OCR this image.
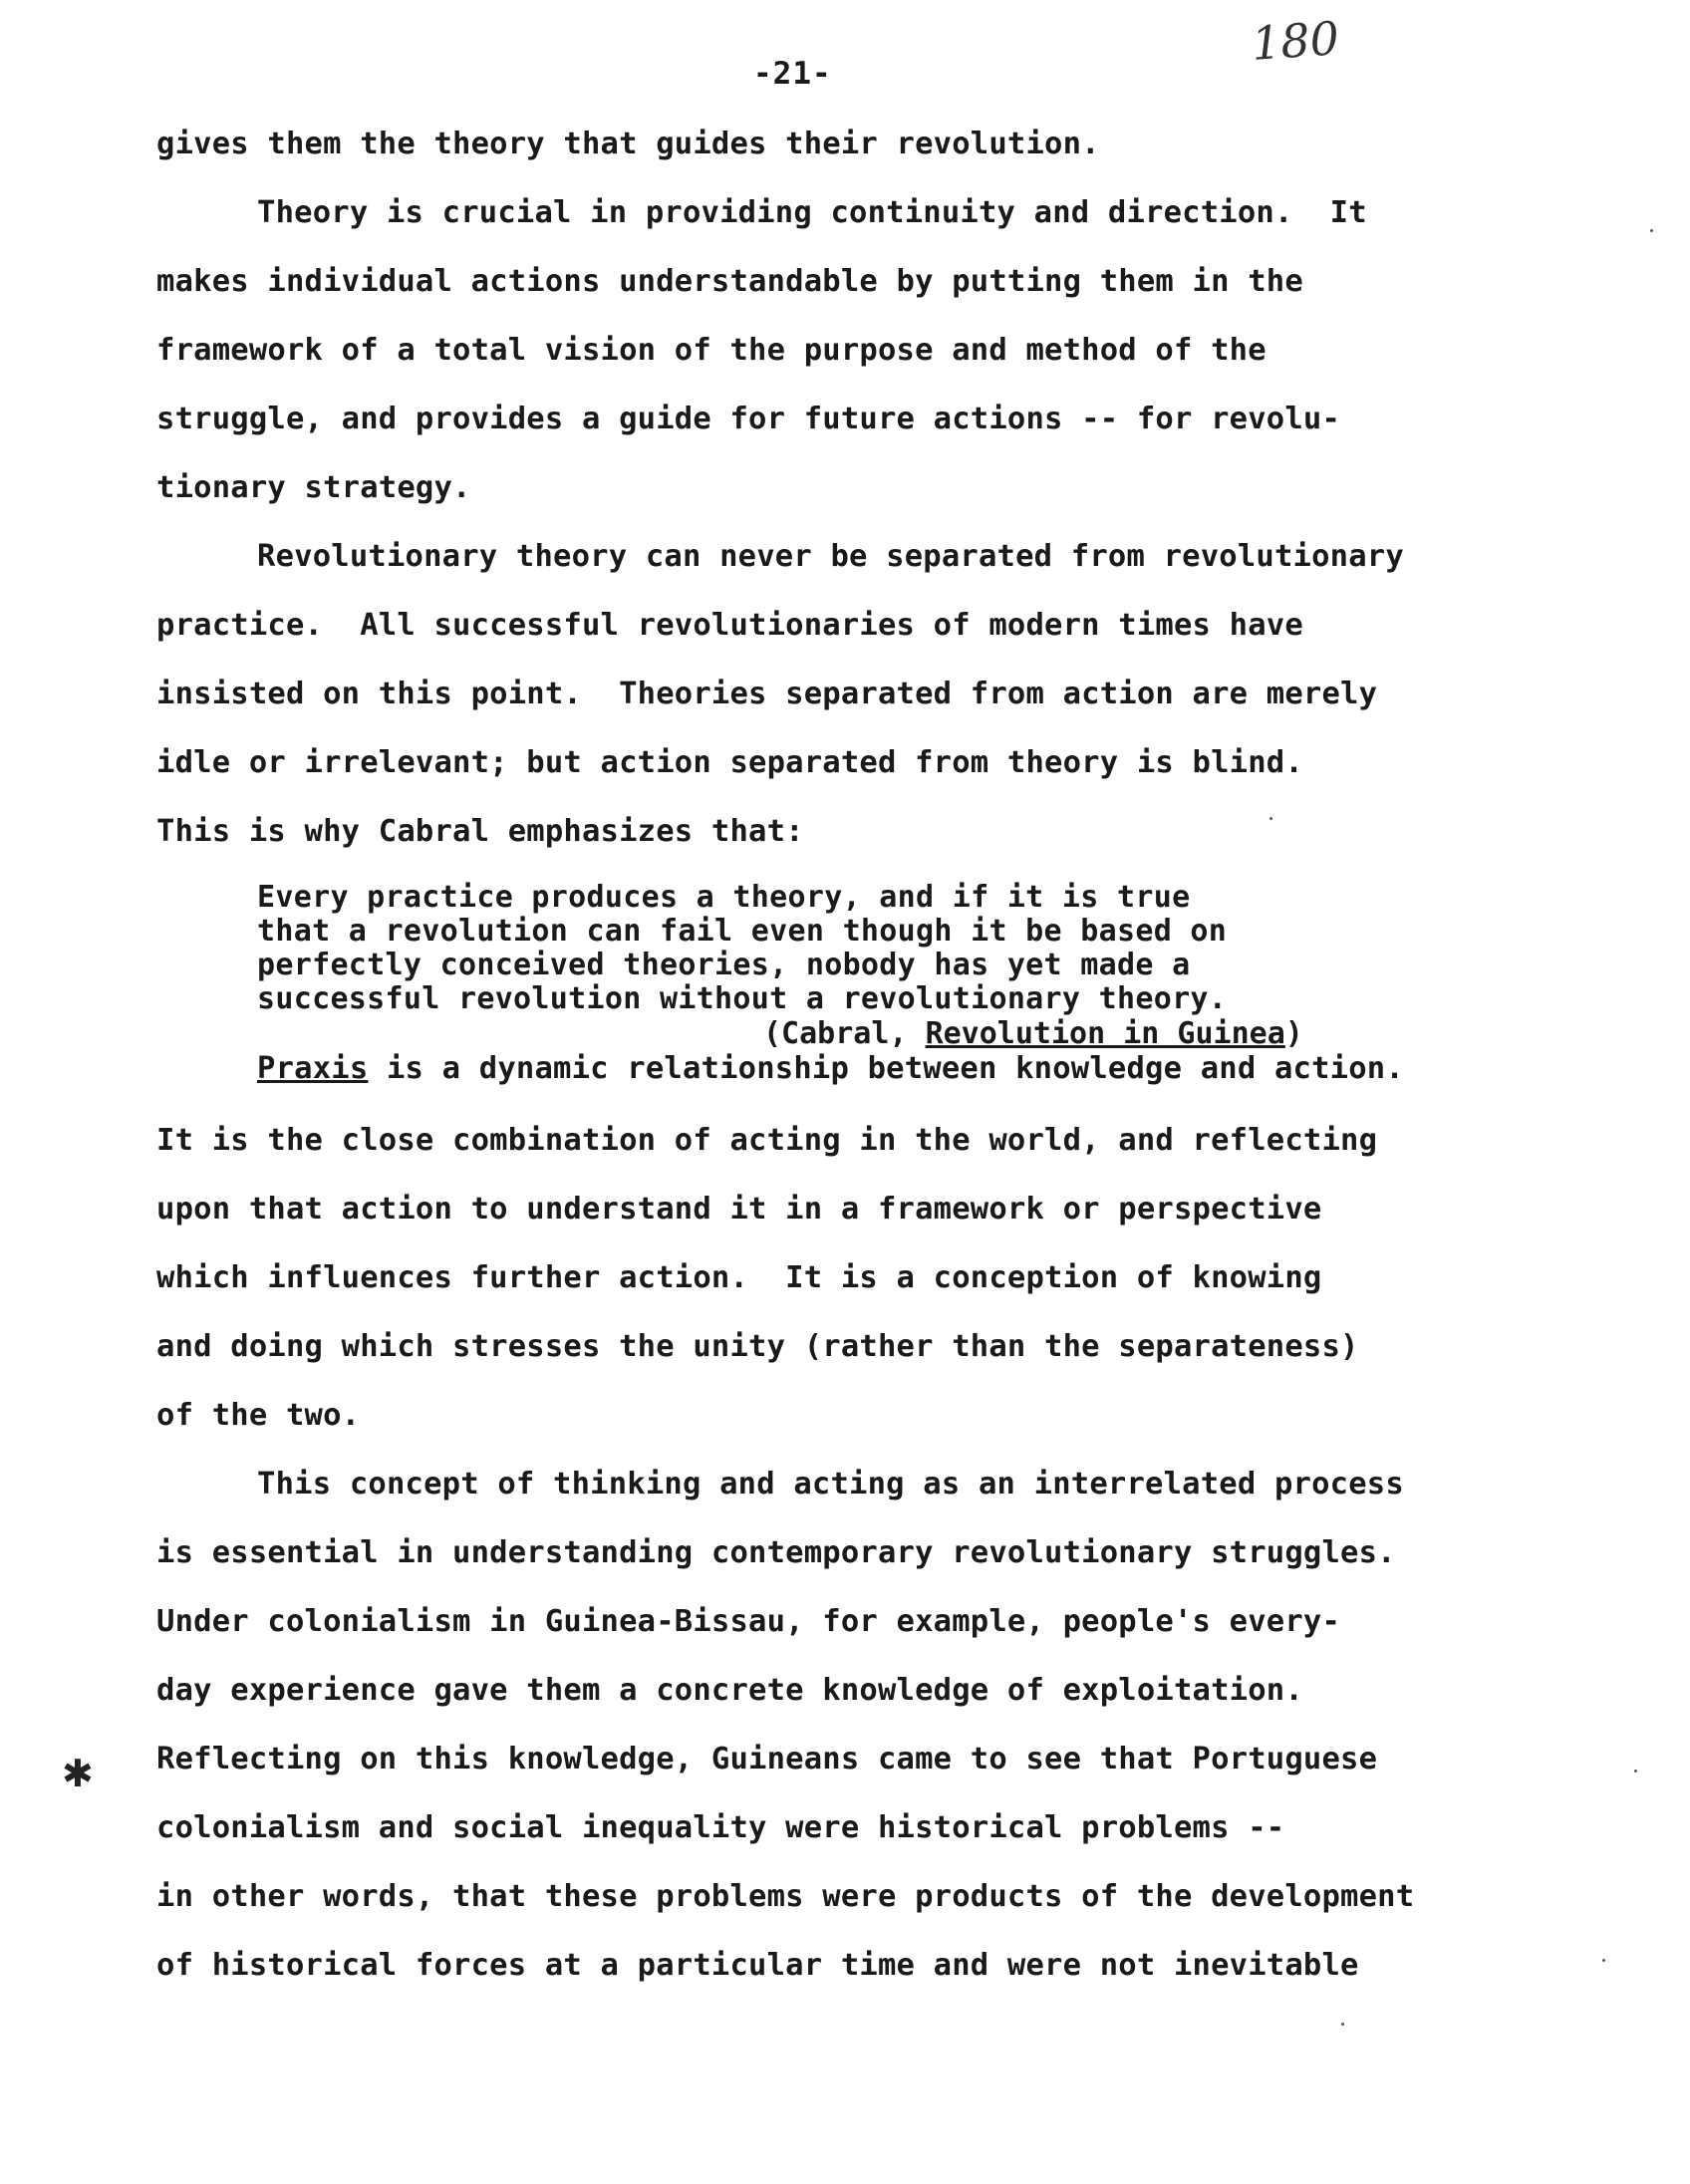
-21-
180
gives them the theory that guides their revolution.
Theory is crucial in providing continuity and direction.  It
makes individual actions understandable by putting them in the
framework of a total vision of the purpose and method of the
struggle, and provides a guide for future actions -- for revolu-
tionary strategy.
Revolutionary theory can never be separated from revolutionary
practice.  All successful revolutionaries of modern times have
insisted on this point.  Theories separated from action are merely
idle or irrelevant; but action separated from theory is blind.
This is why Cabral emphasizes that:
Every practice produces a theory, and if it is true
that a revolution can fail even though it be based on
perfectly conceived theories, nobody has yet made a
successful revolution without a revolutionary theory.
(Cabral, Revolution in Guinea)
Praxis is a dynamic relationship between knowledge and action.
It is the close combination of acting in the world, and reflecting
upon that action to understand it in a framework or perspective
which influences further action.  It is a conception of knowing
and doing which stresses the unity (rather than the separateness)
of the two.
This concept of thinking and acting as an interrelated process
is essential in understanding contemporary revolutionary struggles.
Under colonialism in Guinea-Bissau, for example, people's every-
day experience gave them a concrete knowledge of exploitation.
Reflecting on this knowledge, Guineans came to see that Portuguese
colonialism and social inequality were historical problems --
in other words, that these problems were products of the development
of historical forces at a particular time and were not inevitable
✱
